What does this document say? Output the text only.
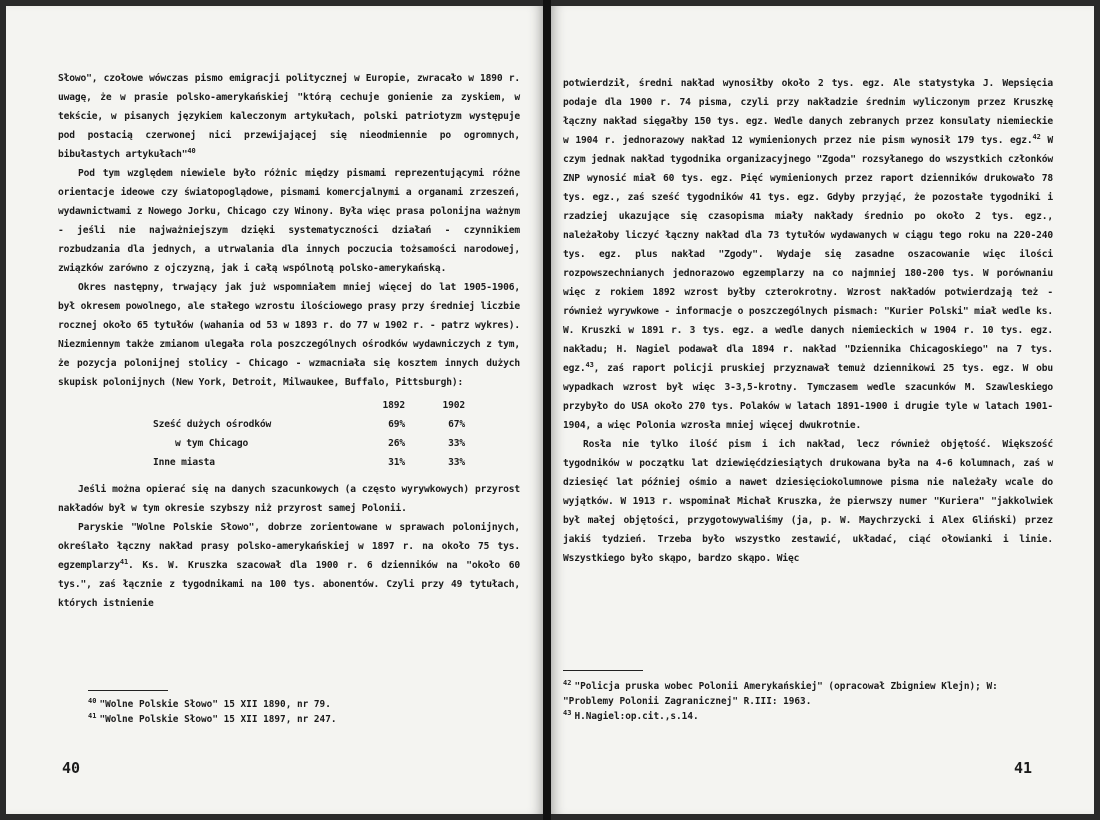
Słowo", czołowe wówczas pismo emigracji politycznej w Europie, zwracało w 1890 r. uwagę, że w prasie polsko-amerykańskiej "którą cechuje gonienie za zyskiem, w tekście, w pisanych językiem kaleczonym artykułach, polski patriotyzm występuje pod postacią czerwonej nici przewijającej się nieodmiennie po ogromnych, bibułastych artykułach"$^{40}$

Pod tym względem niewiele było różnic między pismami reprezentującymi różne orientacje ideowe czy światopoglądowe, pismami komercjalnymi a organami zrzeszeń, wydawnictwami z Nowego Jorku, Chicago czy Winony. Była więc prasa polonijna ważnym - jeśli nie najważniejszym dzięki systematyczności działań - czynnikiem rozbudzania dla jednych, a utrwalania dla innych poczucia tożsamości narodowej, związków zarówno z ojczyzną, jak i całą wspólnotą polsko-amerykańską.

Okres następny, trwający jak już wspomniałem mniej więcej do lat 1905-1906, był okresem powolnego, ale stałego wzrostu ilościowego prasy przy średniej liczbie rocznej około 65 tytułów (wahania od 53 w 1893 r. do 77 w 1902 r. - patrz wykres). Niezmiennym także zmianom ulegała rola poszczególnych ośrodków wydawniczych z tym, że pozycja polonijnej stolicy - Chicago - wzmacniała się kosztem innych dużych skupisk polonijnych (New York, Detroit, Milwaukee, Buffalo, Pittsburgh):

	1892	1902
Sześć dużych ośrodków	69%	67%
w tym Chicago	26%	33%
Inne miasta	31%	33%

Jeśli można opierać się na danych szacunkowych (a często wyrywkowych) przyrost nakładów był w tym okresie szybszy niż przyrost samej Polonii.

Paryskie "Wolne Polskie Słowo", dobrze zorientowane w sprawach polonijnych, określało łączny nakład prasy polsko-amerykańskiej w 1897 r. na około 75 tys. egzemplarzy$^{41}$. Ks. W. Kruszka szacował dla 1900 r. 6 dzienników na "około 60 tys.", zaś łącznie z tygodnikami na 100 tys. abonentów. Czyli przy 49 tytułach, których istnienie

$^{40}$ "Wolne Polskie Słowo" 15 XII 1890, nr 79.

$^{41}$ "Wolne Polskie Słowo" 15 XII 1897, nr 247.

40

potwierdził, średni nakład wynosiłby około 2 tys. egz. Ale statystyka J. Wepsięcia podaje dla 1900 r. 74 pisma, czyli przy nakładzie średnim wyliczonym przez Kruszkę łączny nakład sięgałby 150 tys. egz. Wedle danych zebranych przez konsulaty niemieckie w 1904 r. jednorazowy nakład 12 wymienionych przez nie pism wynosił 179 tys. egz.$^{42}$ W czym jednak nakład tygodnika organizacyjnego "Zgoda" rozsyłanego do wszystkich członków ZNP wynosić miał 60 tys. egz. Pięć wymienionych przez raport dzienników drukowało 78 tys. egz., zaś sześć tygodników 41 tys. egz. Gdyby przyjąć, że pozostałe tygodniki i rzadziej ukazujące się czasopisma miały nakłady średnio po około 2 tys. egz., należałoby liczyć łączny nakład dla 73 tytułów wydawanych w ciągu tego roku na 220-240 tys. egz. plus nakład "Zgody". Wydaje się zasadne oszacowanie więc ilości rozpowszechnianych jednorazowo egzemplarzy na co najmniej 180-200 tys. W porównaniu więc z rokiem 1892 wzrost byłby czterokrotny. Wzrost nakładów potwierdzają też - również wyrywkowe - informacje o poszczególnych pismach: "Kurier Polski" miał wedle ks. W. Kruszki w 1891 r. 3 tys. egz. a wedle danych niemieckich w 1904 r. 10 tys. egz. nakładu; H. Nagiel podawał dla 1894 r. nakład "Dziennika Chicagoskiego" na 7 tys. egz.$^{43}$, zaś raport policji pruskiej przyznawał temuż dziennikowi 25 tys. egz. W obu wypadkach wzrost był więc 3-3,5-krotny. Tymczasem wedle szacunków M. Szawleskiego przybyło do USA około 270 tys. Polaków w latach 1891-1900 i drugie tyle w latach 1901-1904, a więc Polonia wzrosła mniej więcej dwukrotnie.

Rosła nie tylko ilość pism i ich nakład, lecz również objętość. Większość tygodników w początku lat dziewięćdziesiątych drukowana była na 4-6 kolumnach, zaś w dziesięć lat później ośmio a nawet dziesięciokolumnowe pisma nie należały wcale do wyjątków. W 1913 r. wspominał Michał Kruszka, że pierwszy numer "Kuriera" "jakkolwiek był małej objętości, przygotowywaliśmy (ja, p. W. Maychrzycki i Alex Gliński) przez jakiś tydzień. Trzeba było wszystko zestawić, układać, ciąć ołowianki i linie. Wszystkiego było skąpo, bardzo skąpo. Więc

$^{42}$ "Policja pruska wobec Polonii Amerykańskiej" (opracował Zbigniew Klejn); W: "Problemy Polonii Zagranicznej" R.III: 1963.

$^{43}$ H.Nagiel:op.cit.,s.14.

41
